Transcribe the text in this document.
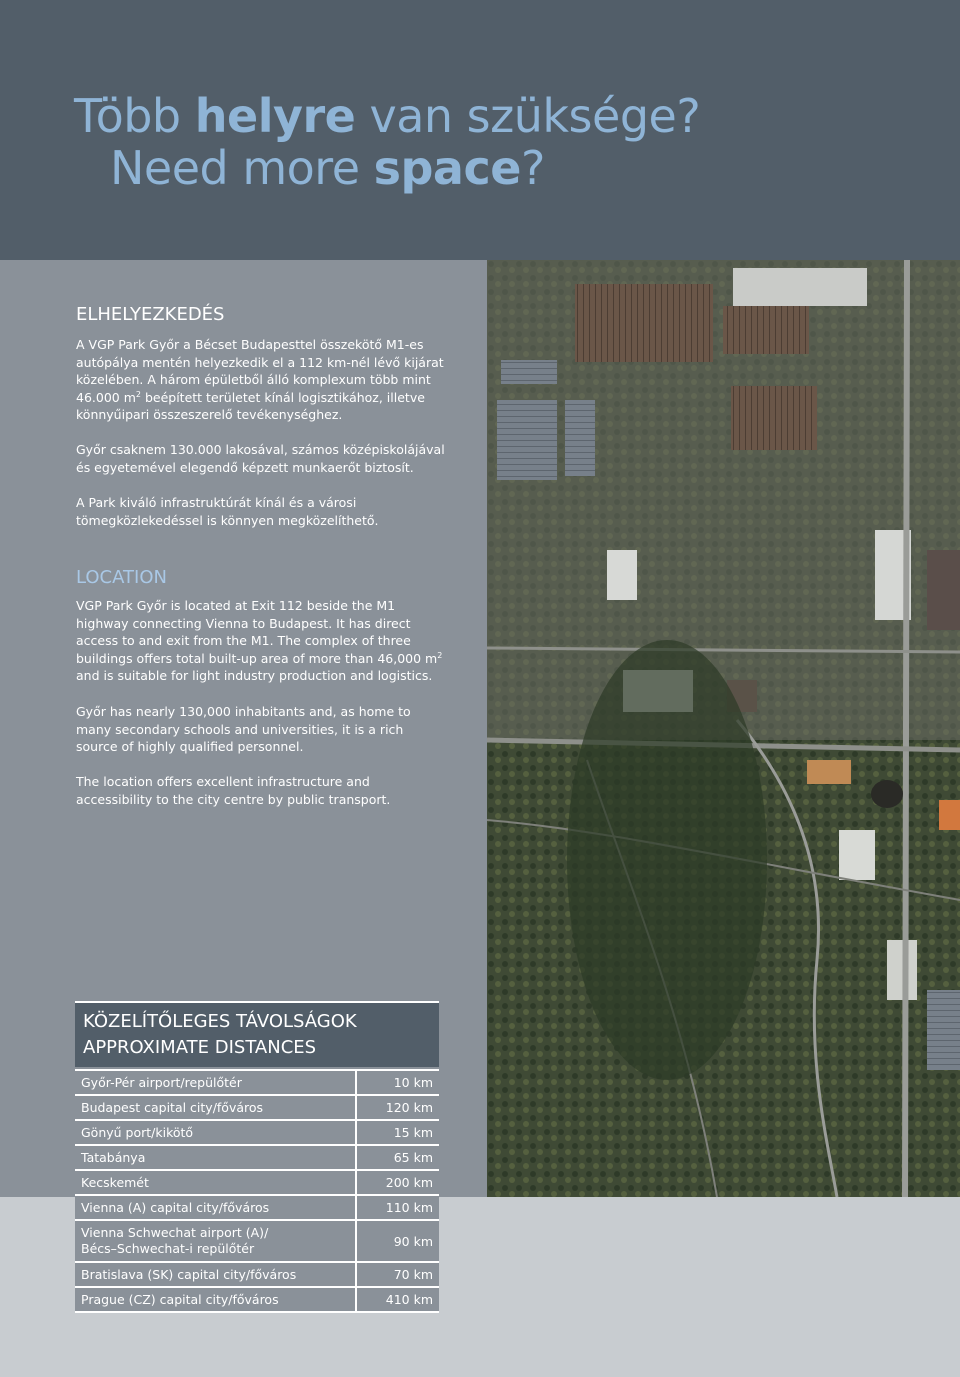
Több helyre van szüksége?
Need more space?
ELHELYEZKEDÉS

A VGP Park Győr a Bécset Budapesttel összekötő M1-es autópálya mentén helyezkedik el a 112 km-nél lévő kijárat közelében. A három épületből álló komplexum több mint 46.000 $m^2$ beépített területet kínál logisztikához, illetve könnyűipari összeszerelő tevékenységhez.

Győr csaknem 130.000 lakosával, számos középiskolájával és egyetemével elegendő képzett munkaerőt biztosít.

A Park kiváló infrastruktúrát kínál és a városi tömegközlekedéssel is könnyen megközelíthető.

LOCATION

VGP Park Győr is located at Exit 112 beside the M1 highway connecting Vienna to Budapest. It has direct access to and exit from the M1. The complex of three buildings offers total built-up area of more than 46,000 $m^2$ and is suitable for light industry production and logistics.

Győr has nearly 130,000 inhabitants and, as home to many secondary schools and universities, it is a rich source of highly qualified personnel.

The location offers excellent infrastructure and accessibility to the city centre by public transport.

KÖZELÍTŐLEGES TÁVOLSÁGOK
APPROXIMATE DISTANCES
Győr-Pér airport/repülőtér	10 km
Budapest capital city/főváros	120 km
Gönyű port/kikötő	15 km
Tatabánya	65 km
Kecskemét	200 km
Vienna (A) capital city/főváros	110 km
Vienna Schwechat airport (A)/
Bécs–Schwechat-i repülőtér	90 km
Bratislava (SK) capital city/főváros	70 km
Prague (CZ) capital city/főváros	410 km
